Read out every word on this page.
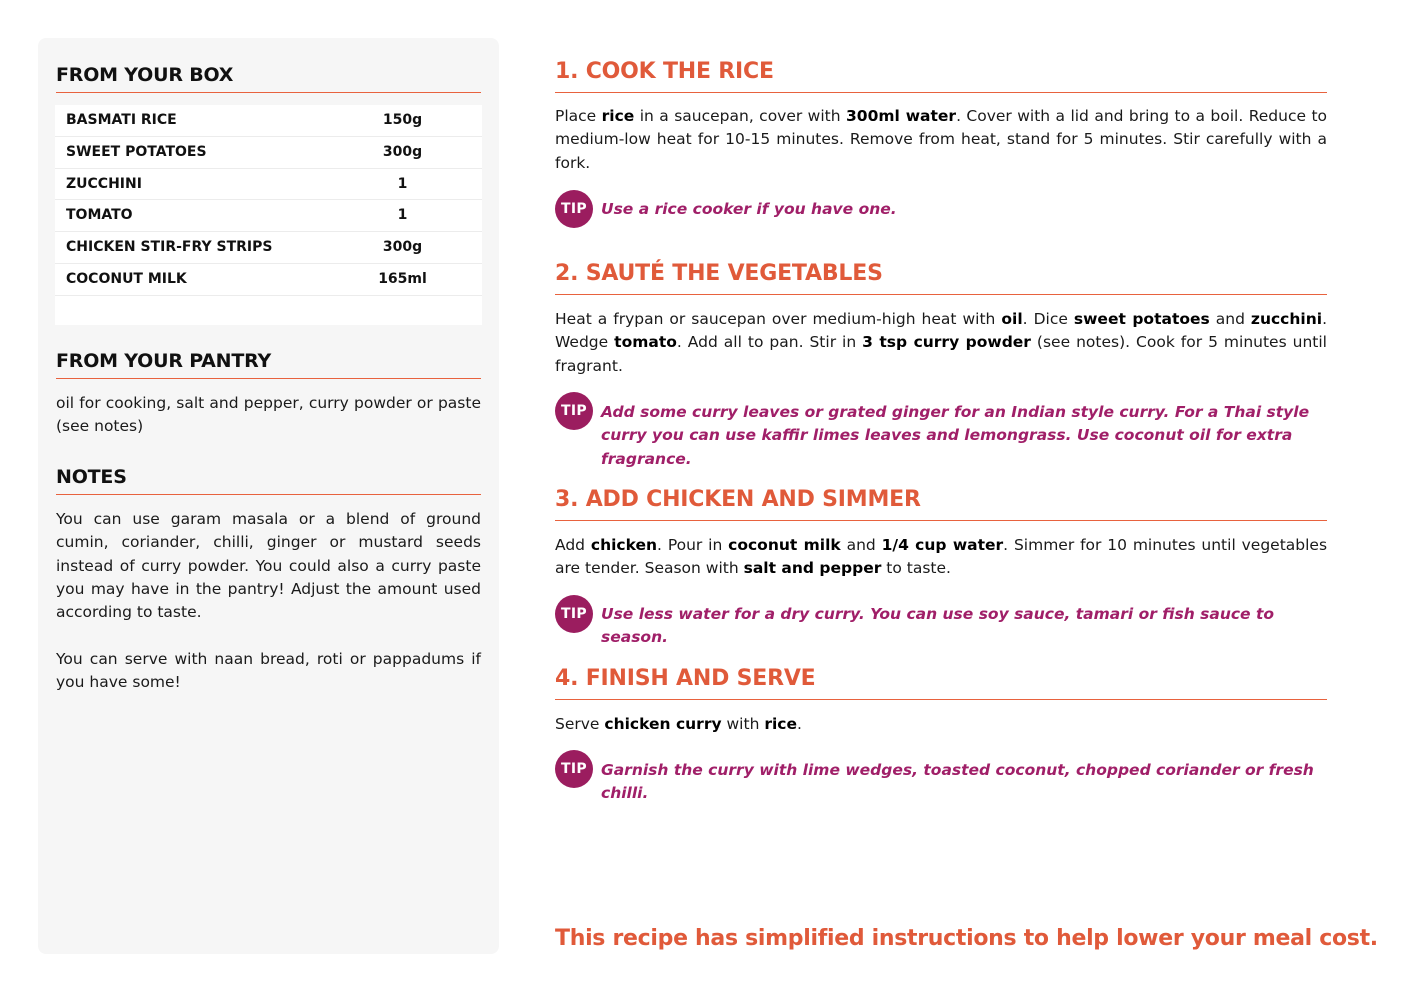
FROM YOUR BOX
BASMATI RICE	150g
SWEET POTATOES	300g
ZUCCHINI	1
TOMATO	1
CHICKEN STIR-FRY STRIPS	300g
COCONUT MILK	165ml
FROM YOUR PANTRY
oil for cooking, salt and pepper, curry powder or paste (see notes)
NOTES
You can use garam masala or a blend of ground cumin, coriander, chilli, ginger or mustard seeds instead of curry powder. You could also a curry paste you may have in the pantry! Adjust the amount used according to taste.
You can serve with naan bread, roti or pappadums if you have some!
1. COOK THE RICE
Place rice in a saucepan, cover with 300ml water. Cover with a lid and bring to a boil. Reduce to medium-low heat for 10-15 minutes. Remove from heat, stand for 5 minutes. Stir carefully with a fork.
TIP Use a rice cooker if you have one.
2. SAUTÉ THE VEGETABLES
Heat a frypan or saucepan over medium-high heat with oil. Dice sweet potatoes and zucchini. Wedge tomato. Add all to pan. Stir in 3 tsp curry powder (see notes). Cook for 5 minutes until fragrant.
TIP Add some curry leaves or grated ginger for an Indian style curry. For a Thai style curry you can use kaffir limes leaves and lemongrass. Use coconut oil for extra fragrance.
3. ADD CHICKEN AND SIMMER
Add chicken. Pour in coconut milk and 1/4 cup water. Simmer for 10 minutes until vegetables are tender. Season with salt and pepper to taste.
TIP Use less water for a dry curry. You can use soy sauce, tamari or fish sauce to season.
4. FINISH AND SERVE
Serve chicken curry with rice.
TIP Garnish the curry with lime wedges, toasted coconut, chopped coriander or fresh chilli.
This recipe has simplified instructions to help lower your meal cost.
